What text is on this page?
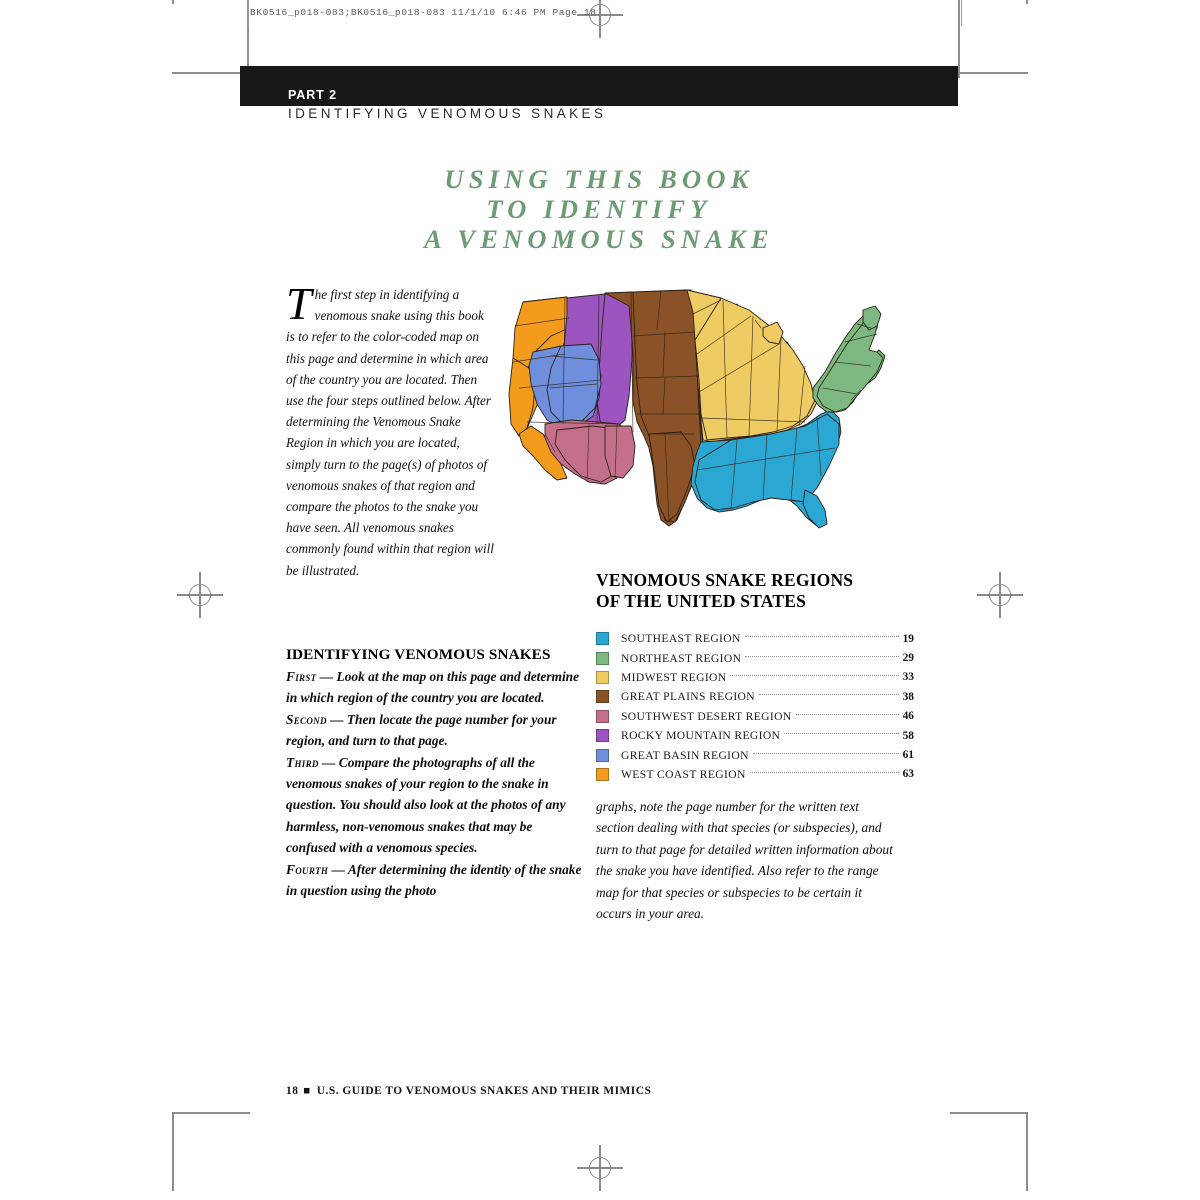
BK0516_p018-083;BK0516_p018-083 11/1/10 6:46 PM Page 18
PART 2
IDENTIFYING VENOMOUS SNAKES
USING THIS BOOK
TO IDENTIFY
A VENOMOUS SNAKE
The first step in identifying a venomous snake using this book is to refer to the color-coded map on this page and determine in which area of the country you are located. Then use the four steps outlined below. After determining the Venomous Snake Region in which you are located, simply turn to the page(s) of photos of venomous snakes of that region and compare the photos to the snake you have seen. All venomous snakes commonly found within that region will be illustrated.
IDENTIFYING VENOMOUS SNAKES

First — Look at the map on this page and determine in which region of the country you are located.

Second — Then locate the page number for your region, and turn to that page.

Third — Compare the photographs of all the venomous snakes of your region to the snake in question. You should also look at the photos of any harmless, non-venomous snakes that may be confused with a venomous species.

Fourth — After determining the identity of the snake in question using the photo

VENOMOUS SNAKE REGIONS
OF THE UNITED STATES
SOUTHEAST REGION	19
NORTHEAST REGION	29
MIDWEST REGION	33
GREAT PLAINS REGION	38
SOUTHWEST DESERT REGION	46
ROCKY MOUNTAIN REGION	58
GREAT BASIN REGION	61
WEST COAST REGION	63
graphs, note the page number for the written text section dealing with that species (or subspecies), and turn to that page for detailed written information about the snake you have identified. Also refer to the range map for that species or subspecies to be certain it occurs in your area.
18 ■ U.S. GUIDE TO VENOMOUS SNAKES AND THEIR MIMICS
